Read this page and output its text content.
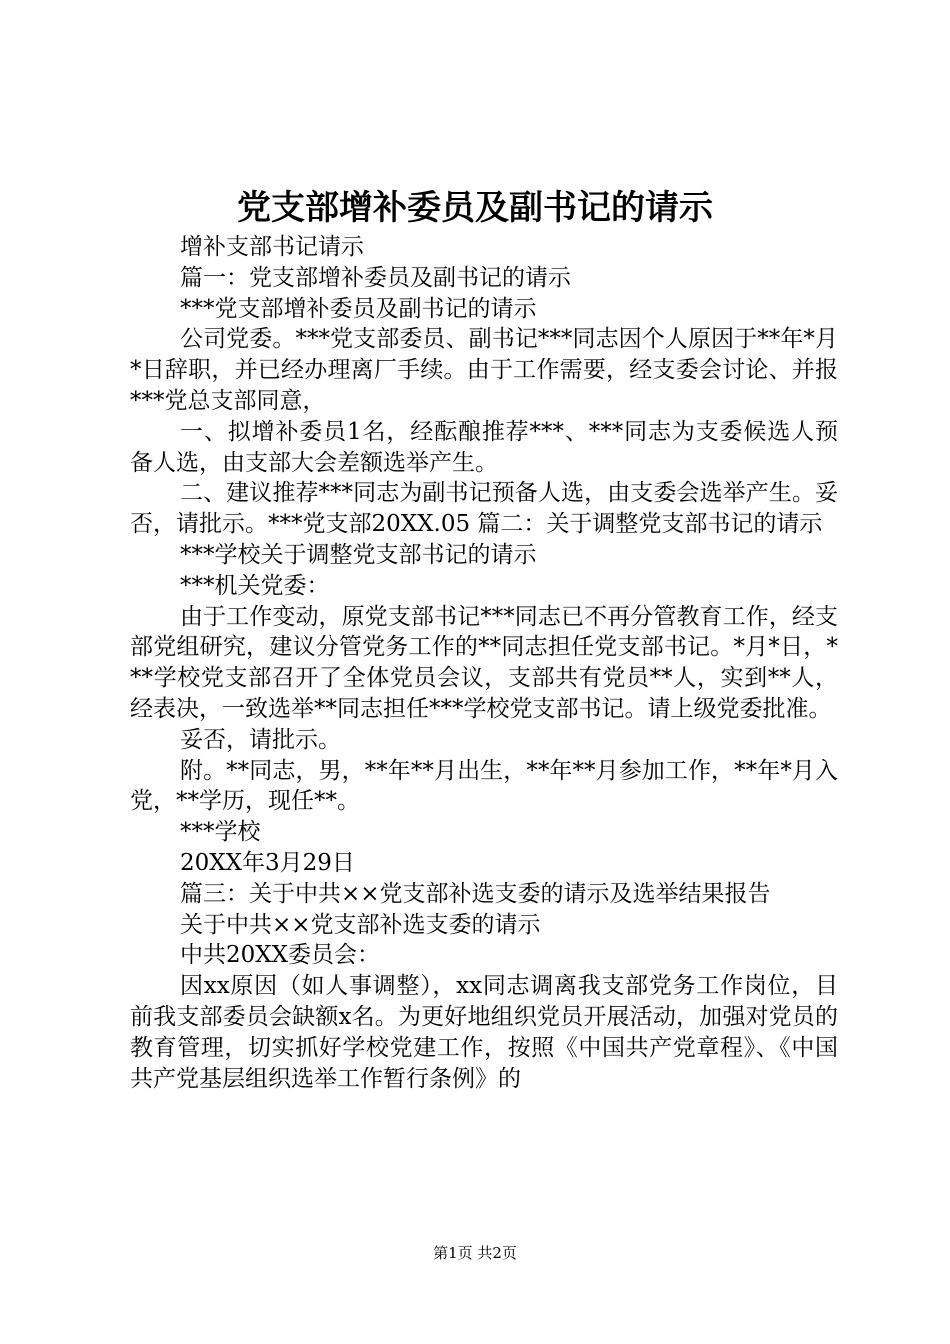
党支部增补委员及副书记的请示

增补支部书记请示

篇一：党支部增补委员及副书记的请示

***党支部增补委员及副书记的请示

公司党委。***党支部委员、副书记***同志因个人原因于**年*月*日辞职，并已经办理离厂手续。由于工作需要，经支委会讨论、并报***党总支部同意，

一、拟增补委员1名，经酝酿推荐***、***同志为支委候选人预备人选，由支部大会差额选举产生。

二、建议推荐***同志为副书记预备人选，由支委会选举产生。妥否，请批示。***党支部20XX.05 篇二：关于调整党支部书记的请示

***学校关于调整党支部书记的请示

***机关党委：

由于工作变动，原党支部书记***同志已不再分管教育工作，经支部党组研究，建议分管党务工作的**同志担任党支部书记。*月*日，***学校党支部召开了全体党员会议，支部共有党员**人，实到**人，经表决，一致选举**同志担任***学校党支部书记。请上级党委批准。

妥否，请批示。

附。**同志，男，**年**月出生，**年**月参加工作，**年*月入党，**学历，现任**。

***学校

20XX年3月29日

篇三：关于中共××党支部补选支委的请示及选举结果报告

关于中共××党支部补选支委的请示

中共20XX委员会：

因xx原因（如人事调整），xx同志调离我支部党务工作岗位，目前我支部委员会缺额x名。为更好地组织党员开展活动，加强对党员的教育管理，切实抓好学校党建工作，按照《中国共产党章程》、《中国共产党基层组织选举工作暂行条例》的

第1页 共2页
